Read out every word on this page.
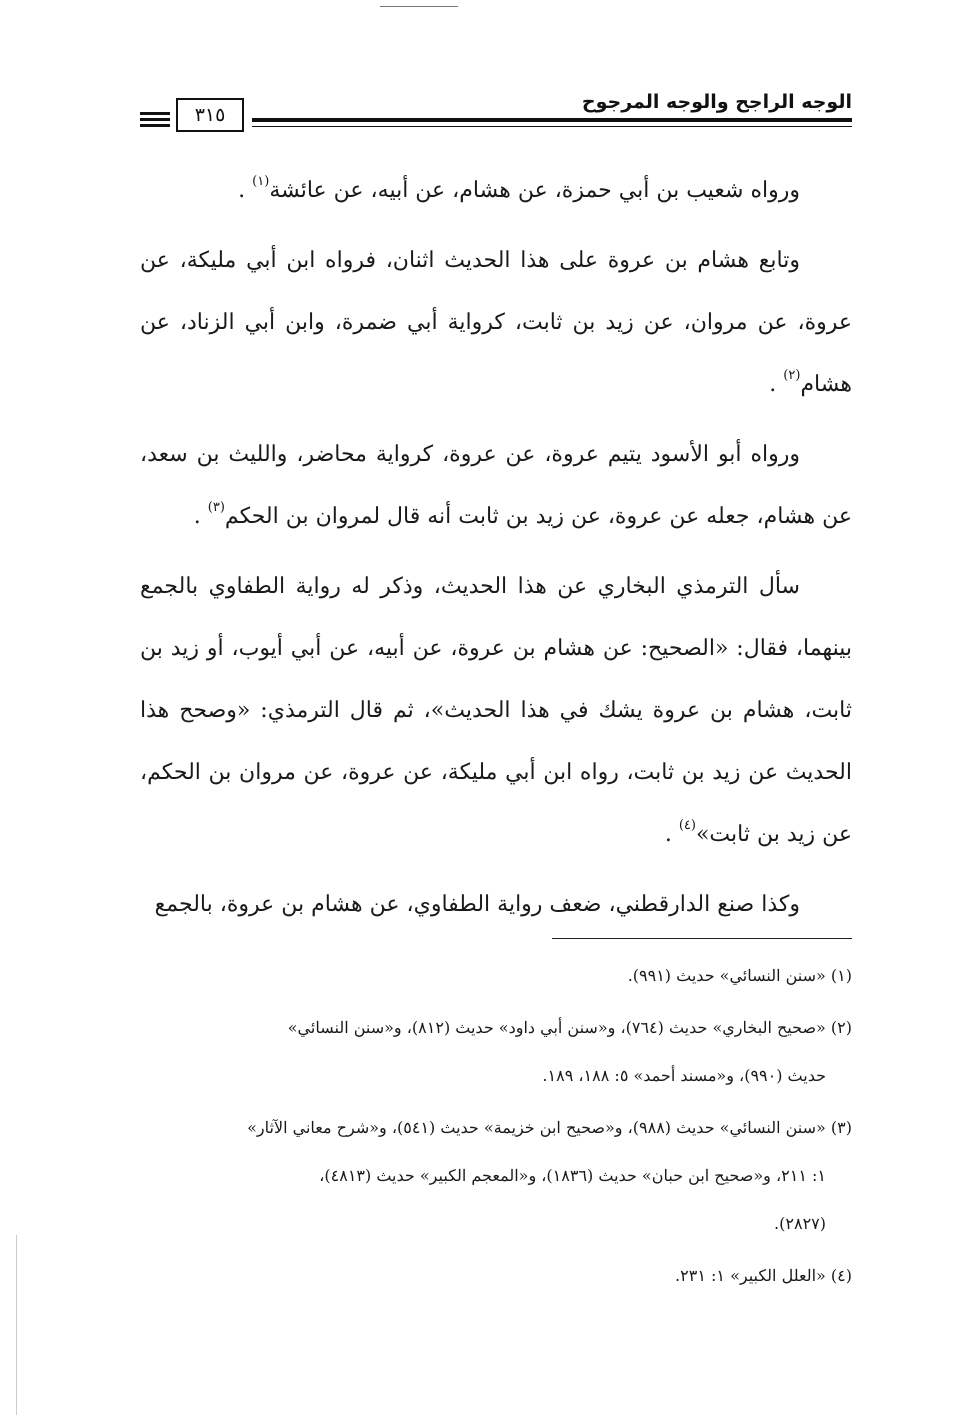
الوجه الراجح والوجه المرجوح
٣١٥

ورواه شعيب بن أبي حمزة، عن هشام، عن أبيه، عن عائشة$^{(١)}$ .

وتابع هشام بن عروة على هذا الحديث اثنان، فرواه ابن أبي مليكة، عن عروة، عن مروان، عن زيد بن ثابت، كرواية أبي ضمرة، وابن أبي الزناد، عن هشام$^{(٢)}$ .

ورواه أبو الأسود يتيم عروة، عن عروة، كرواية محاضر، والليث بن سعد، عن هشام، جعله عن عروة، عن زيد بن ثابت أنه قال لمروان بن الحكم$^{(٣)}$ .

سأل الترمذي البخاري عن هذا الحديث، وذكر له رواية الطفاوي بالجمع بينهما، فقال: «الصحيح: عن هشام بن عروة، عن أبيه، عن أبي أيوب، أو زيد بن ثابت، هشام بن عروة يشك في هذا الحديث»، ثم قال الترمذي: «وصحح هذا الحديث عن زيد بن ثابت، رواه ابن أبي مليكة، عن عروة، عن مروان بن الحكم، عن زيد بن ثابت»$^{(٤)}$ .

وكذا صنع الدارقطني، ضعف رواية الطفاوي، عن هشام بن عروة، بالجمع

(١) «سنن النسائي» حديث (٩٩١).

(٢) «صحيح البخاري» حديث (٧٦٤)، و«سنن أبي داود» حديث (٨١٢)، و«سنن النسائي»
حديث (٩٩٠)، و«مسند أحمد» ٥: ١٨٨، ١٨٩.

(٣) «سنن النسائي» حديث (٩٨٨)، و«صحيح ابن خزيمة» حديث (٥٤١)، و«شرح معاني الآثار»
١: ٢١١، و«صحيح ابن حبان» حديث (١٨٣٦)، و«المعجم الكبير» حديث (٤٨١٣)،
(٢٨٢٧).

(٤) «العلل الكبير» ١: ٢٣١.
